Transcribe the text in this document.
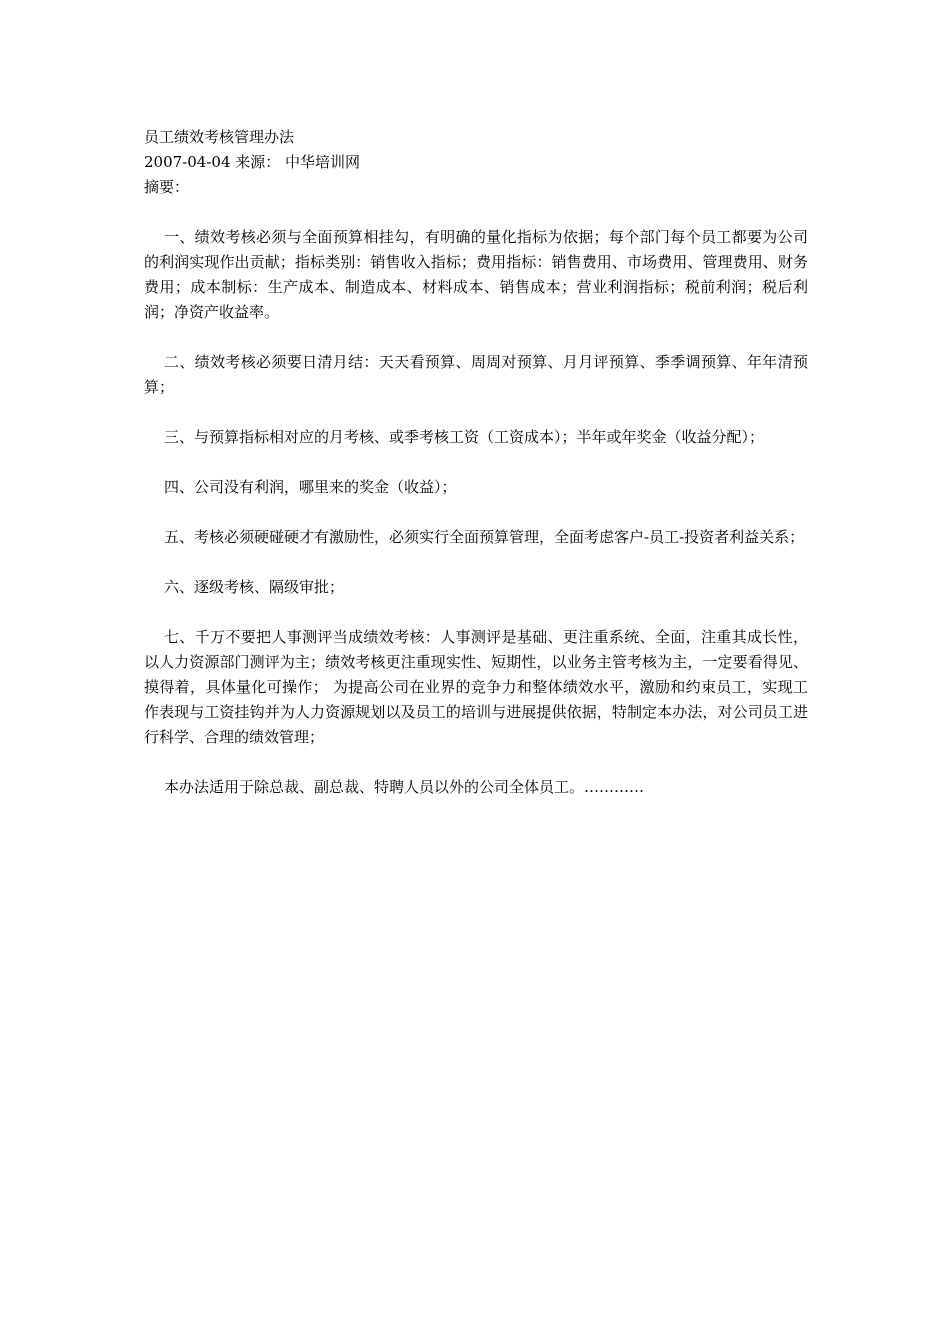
员工绩效考核管理办法
2007-04-04 来源： 中华培训网
摘要：

一、绩效考核必须与全面预算相挂勾，有明确的量化指标为依据；每个部门每个员工都要为公司的利润实现作出贡献；指标类别：销售收入指标；费用指标：销售费用、市场费用、管理费用、财务费用；成本制标：生产成本、制造成本、材料成本、销售成本；营业利润指标；税前利润；税后利润；净资产收益率。

二、绩效考核必须要日清月结：天天看预算、周周对预算、月月评预算、季季调预算、年年清预算；

三、与预算指标相对应的月考核、或季考核工资（工资成本）；半年或年奖金（收益分配）；

四、公司没有利润，哪里来的奖金（收益）；

五、考核必须硬碰硬才有激励性，必须实行全面预算管理，全面考虑客户-员工-投资者利益关系；

六、逐级考核、隔级审批；

七、千万不要把人事测评当成绩效考核：人事测评是基础、更注重系统、全面，注重其成长性，以人力资源部门测评为主；绩效考核更注重现实性、短期性，以业务主管考核为主，一定要看得见、摸得着，具体量化可操作； 为提高公司在业界的竞争力和整体绩效水平，激励和约束员工，实现工作表现与工资挂钩并为人力资源规划以及员工的培训与进展提供依据，特制定本办法，对公司员工进行科学、合理的绩效管理；

本办法适用于除总裁、副总裁、特聘人员以外的公司全体员工。…………
